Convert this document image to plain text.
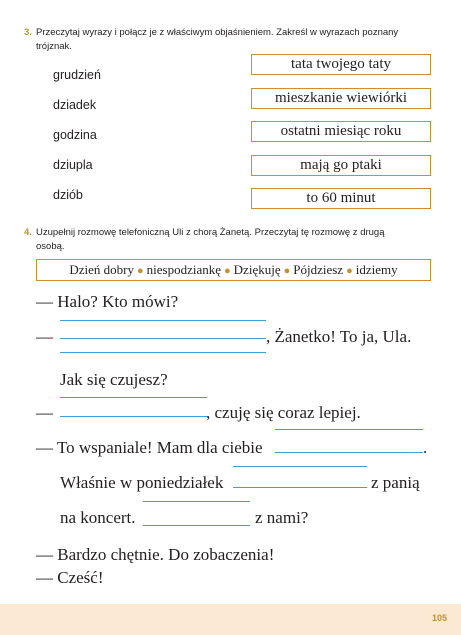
3. Przeczytaj wyrazy i połącz je z właściwym objaśnieniem. Zakreśl w wyrazach poznany
trójznak.
grudzień
dziadek
godzina
dziupla
dziób
tata twojego taty
mieszkanie wiewiórki
ostatni miesiąc roku
mają go ptaki
to 60 minut
4. Uzupełnij rozmowę telefoniczną Uli z chorą Żanetą. Przeczytaj tę rozmowę z drugą
osobą.
Dzień dobry ● niespodziankę ● Dziękuję ● Pójdziesz ● idziemy
— Halo? Kto mówi?
—	, Żanetko! To ja, Ula.
Jak się czujesz?
—	, czuję się coraz lepiej.
— To wspaniale! Mam dla ciebie	.
Właśnie w poniedziałek	z panią
na koncert.	z nami?
— Bardzo chętnie. Do zobaczenia!
— Cześć!
105
